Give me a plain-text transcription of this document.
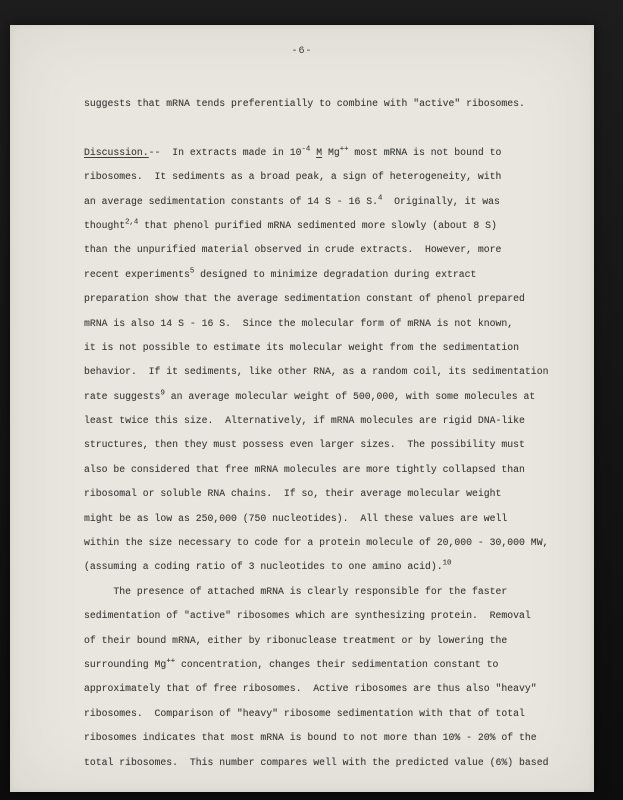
-6-
suggests that mRNA tends preferentially to combine with "active" ribosomes.

Discussion.--  In extracts made in $10^{-4}$ M Mg++ most mRNA is not bound to
ribosomes.  It sediments as a broad peak, a sign of heterogeneity, with
an average sedimentation constants of 14 S - 16 S.$^4$  Originally, it was
thought$^{2,4}$ that phenol purified mRNA sedimented more slowly (about 8 S)
than the unpurified material observed in crude extracts.  However, more
recent experiments$^5$ designed to minimize degradation during extract
preparation show that the average sedimentation constant of phenol prepared
mRNA is also 14 S - 16 S.  Since the molecular form of mRNA is not known,
it is not possible to estimate its molecular weight from the sedimentation
behavior.  If it sediments, like other RNA, as a random coil, its sedimentation
rate suggests$^9$ an average molecular weight of 500,000, with some molecules at
least twice this size.  Alternatively, if mRNA molecules are rigid DNA-like
structures, then they must possess even larger sizes.  The possibility must
also be considered that free mRNA molecules are more tightly collapsed than
ribosomal or soluble RNA chains.  If so, their average molecular weight
might be as low as 250,000 (750 nucleotides).  All these values are well
within the size necessary to code for a protein molecule of 20,000 - 30,000 MW,
(assuming a coding ratio of 3 nucleotides to one amino acid).$^{10}$
The presence of attached mRNA is clearly responsible for the faster
sedimentation of "active" ribosomes which are synthesizing protein.  Removal
of their bound mRNA, either by ribonuclease treatment or by lowering the
surrounding Mg++ concentration, changes their sedimentation constant to
approximately that of free ribosomes.  Active ribosomes are thus also "heavy"
ribosomes.  Comparison of "heavy" ribosome sedimentation with that of total
ribosomes indicates that most mRNA is bound to not more than 10% - 20% of the
total ribosomes.  This number compares well with the predicted value (6%) based
